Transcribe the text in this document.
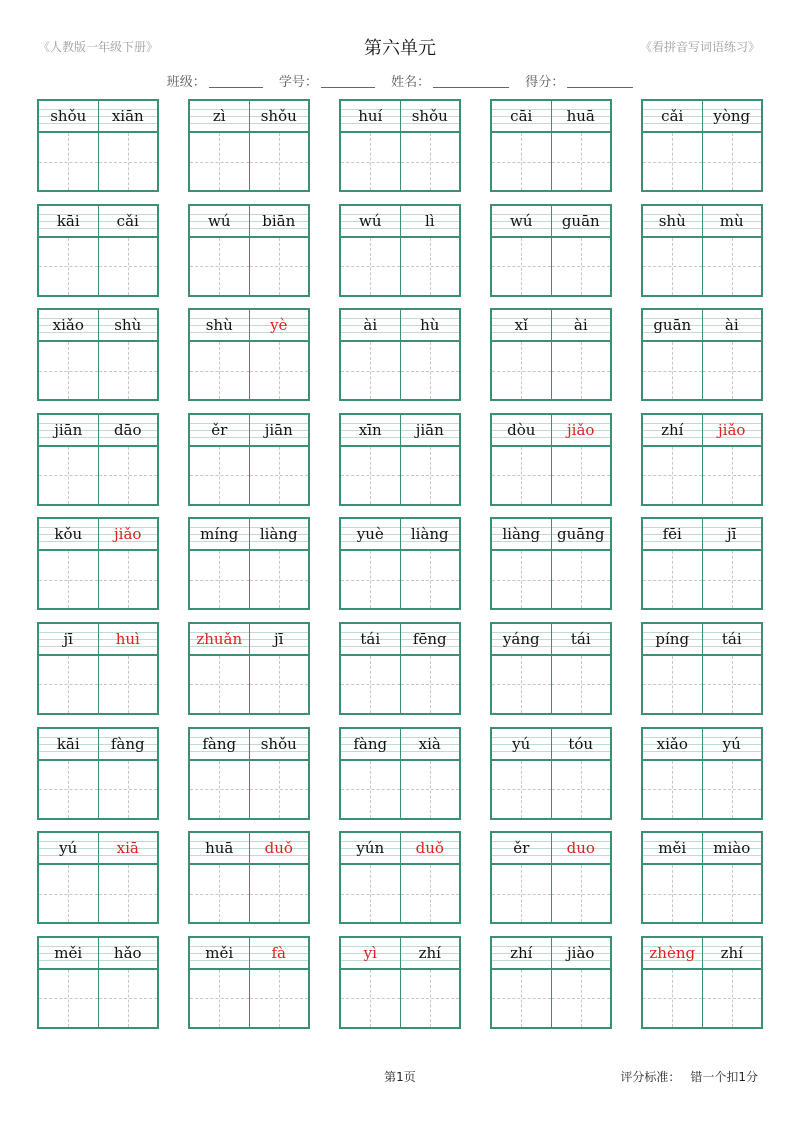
《人教版一年级下册》	第六单元	《看拼音写词语练习》
班级：	学号：	姓名：	得分：
shǒu	xiān	zì	shǒu	huí	shǒu	cāi	huā	cǎi	yòng
kāi	cǎi	wú	biān	wú	lì	wú	guān	shù	mù
xiǎo	shù	shù	yè	ài	hù	xǐ	ài	guān	ài
jiān	dāo	ěr	jiān	xīn	jiān	dòu	jiǎo	zhí	jiǎo
kǒu	jiǎo	míng	liàng	yuè	liàng	liàng	guāng	fēi	jī
jī	huì	zhuǎn	jī	tái	fēng	yáng	tái	píng	tái
kāi	fàng	fàng	shǒu	fàng	xià	yú	tóu	xiǎo	yú
yú	xiā	huā	duǒ	yún	duǒ	ěr	duo	měi	miào
měi	hǎo	měi	fà	yì	zhí	zhí	jiào	zhèng	zhí
第1页	评分标准： 错一个扣1分
